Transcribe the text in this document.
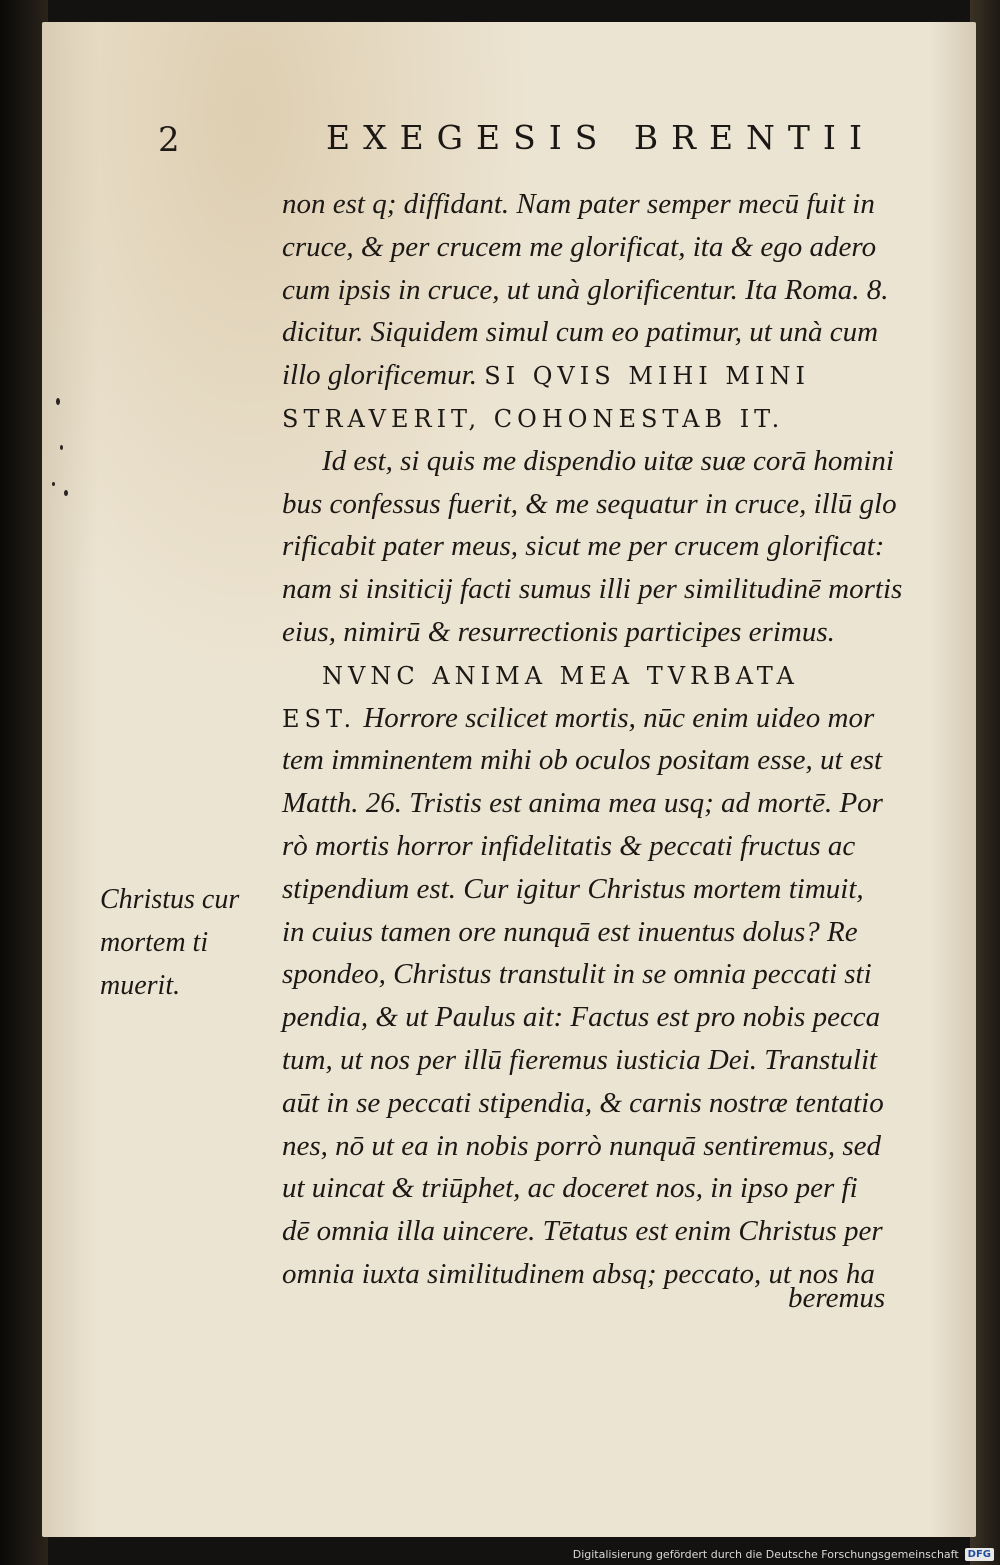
2	EXEGESIS BRENTII
non est q; diffidant. Nam pater semper mecū fuit in
cruce, & per crucem me glorificat, ita & ego adero
cum ipsis in cruce, ut unà glorificentur. Ita Roma. 8.
dicitur. Siquidem simul cum eo patimur, ut unà cum
illo glorificemur. SI QVIS MIHI MINI
STRAVERIT, COHONESTAB IT.
Id est, si quis me dispendio uitæ suæ corā homini
bus confessus fuerit, & me sequatur in cruce, illū glo
rificabit pater meus, sicut me per crucem glorificat:
nam si insiticij facti sumus illi per similitudinē mortis
eius, nimirū & resurrectionis participes erimus.
NVNC ANIMA MEA TVRBATA
EST. Horrore scilicet mortis, nūc enim uideo mor
tem imminentem mihi ob oculos positam esse, ut est
Matth. 26. Tristis est anima mea usq; ad mortē. Por
rò mortis horror infidelitatis & peccati fructus ac
stipendium est. Cur igitur Christus mortem timuit,
in cuius tamen ore nunquā est inuentus dolus? Re
spondeo, Christus transtulit in se omnia peccati sti
pendia, & ut Paulus ait: Factus est pro nobis pecca
tum, ut nos per illū fieremus iusticia Dei. Transtulit
aūt in se peccati stipendia, & carnis nostræ tentatio
nes, nō ut ea in nobis porrò nunquā sentiremus, sed
ut uincat & triūphet, ac doceret nos, in ipso per fi
dē omnia illa uincere. Tētatus est enim Christus per
omnia iuxta similitudinem absq; peccato, ut nos ha
beremus
Christus cur
mortem ti
muerit.
Digitalisierung gefördert durch die Deutsche Forschungsgemeinschaft DFG
